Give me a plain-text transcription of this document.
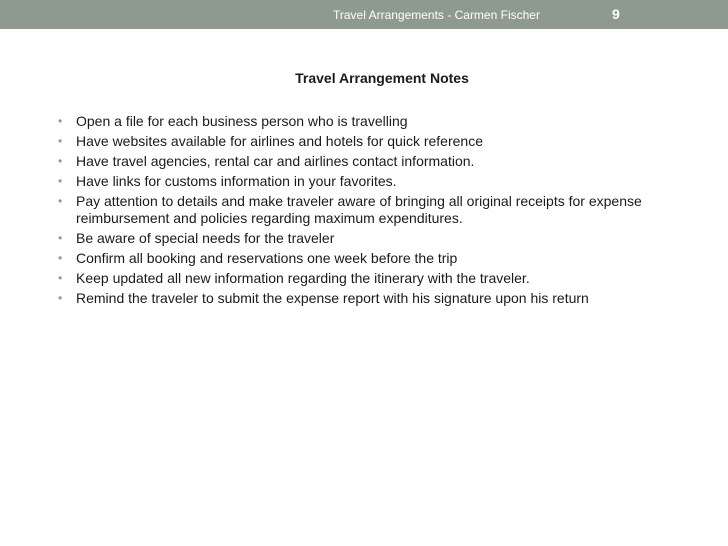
Travel Arrangements - Carmen Fischer	9
Travel Arrangement Notes
• Open a file for each business person who is travelling
• Have websites available for airlines and hotels for quick reference
• Have travel agencies, rental car and airlines contact information.
• Have links for customs information in your favorites.
• Pay attention to details and make traveler aware of bringing all original receipts for expense reimbursement and policies regarding maximum expenditures.
• Be aware of special needs for the traveler
• Confirm all booking and reservations one week before the trip
• Keep updated all new information regarding the itinerary with the traveler.
• Remind the traveler to submit the expense report with his signature upon his return
